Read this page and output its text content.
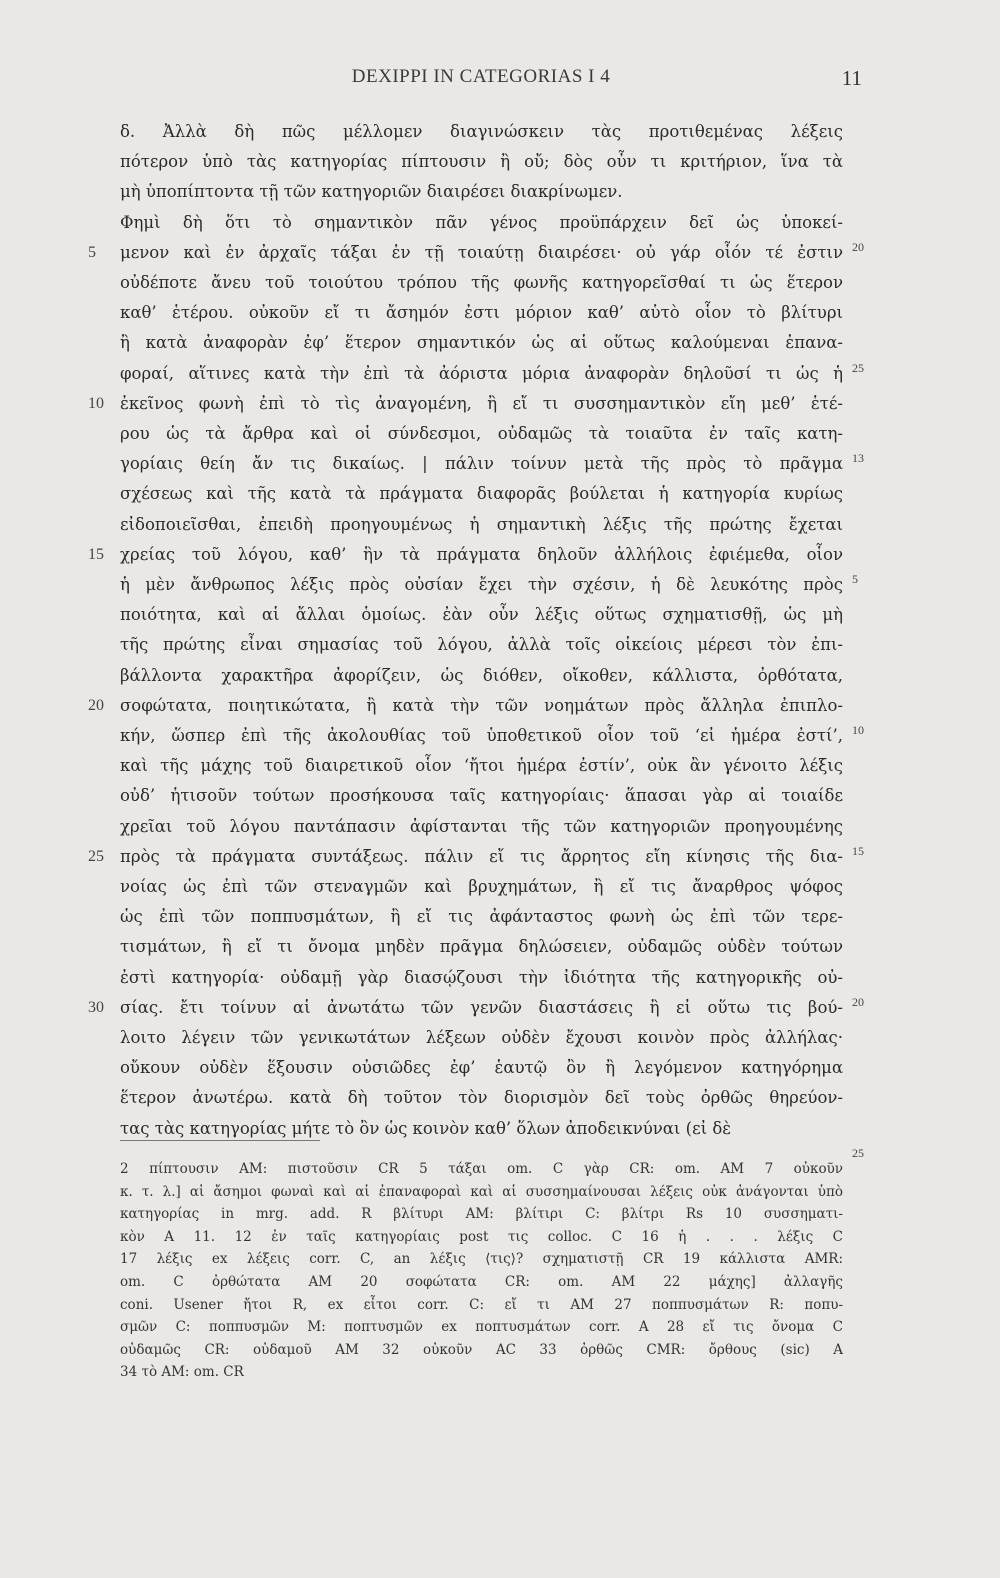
DEXIPPI IN CATEGORIAS I 4	11
δ. Ἀλλὰ δὴ πῶς μέλλομεν διαγινώσκειν τὰς προτιθεμένας λέξεις
πότερον ὑπὸ τὰς κατηγορίας πίπτουσιν ἢ οὔ; δὸς οὖν τι κριτήριον, ἵνα τὰ
μὴ ὑποπίπτοντα τῇ τῶν κατηγοριῶν διαιρέσει διακρίνωμεν.
Φημὶ δὴ ὅτι τὸ σημαντικὸν πᾶν γένος προϋπάρχειν δεῖ ὡς ὑποκεί-
μενον καὶ ἐν ἀρχαῖς τάξαι ἐν τῇ τοιαύτῃ διαιρέσει· οὐ γάρ οἷόν τέ ἐστιν
οὐδέποτε ἄνευ τοῦ τοιούτου τρόπου τῆς φωνῆς κατηγορεῖσθαί τι ὡς ἕτερον
καθ’ ἑτέρου. οὐκοῦν εἴ τι ἄσημόν ἐστι μόριον καθ’ αὑτὸ οἷον τὸ βλίτυρι
ἢ κατὰ ἀναφορὰν ἐφ’ ἕτερον σημαντικόν ὡς αἱ οὕτως καλούμεναι ἐπανα-
φοραί, αἵτινες κατὰ τὴν ἐπὶ τὰ ἀόριστα μόρια ἀναφορὰν δηλοῦσί τι ὡς ἡ
ἐκεῖνος φωνὴ ἐπὶ τὸ τὶς ἀναγομένη, ἢ εἴ τι συσσημαντικὸν εἴη μεθ’ ἑτέ-
ρου ὡς τὰ ἄρθρα καὶ οἱ σύνδεσμοι, οὐδαμῶς τὰ τοιαῦτα ἐν ταῖς κατη-
γορίαις θείη ἄν τις δικαίως. | πάλιν τοίνυν μετὰ τῆς πρὸς τὸ πρᾶγμα
σχέσεως καὶ τῆς κατὰ τὰ πράγματα διαφορᾶς βούλεται ἡ κατηγορία κυρίως
εἰδοποιεῖσθαι, ἐπειδὴ προηγουμένως ἡ σημαντικὴ λέξις τῆς πρώτης ἔχεται
χρείας τοῦ λόγου, καθ’ ἣν τὰ πράγματα δηλοῦν ἀλλήλοις ἐφιέμεθα, οἷον
ἡ μὲν ἄνθρωπος λέξις πρὸς οὐσίαν ἔχει τὴν σχέσιν, ἡ δὲ λευκότης πρὸς
ποιότητα, καὶ αἱ ἄλλαι ὁμοίως. ἐὰν οὖν λέξις οὕτως σχηματισθῇ, ὡς μὴ
τῆς πρώτης εἶναι σημασίας τοῦ λόγου, ἀλλὰ τοῖς οἰκείοις μέρεσι τὸν ἐπι-
βάλλοντα χαρακτῆρα ἀφορίζειν, ὡς διόθεν, οἴκοθεν, κάλλιστα, ὀρθότατα,
σοφώτατα, ποιητικώτατα, ἢ κατὰ τὴν τῶν νοημάτων πρὸς ἄλληλα ἐπιπλο-
κήν, ὥσπερ ἐπὶ τῆς ἀκολουθίας τοῦ ὑποθετικοῦ οἷον τοῦ ‘εἰ ἡμέρα ἐστί’,
καὶ τῆς μάχης τοῦ διαιρετικοῦ οἷον ‘ἤτοι ἡμέρα ἐστίν’, οὐκ ἂν γένοιτο λέξις
οὐδ’ ἡτισοῦν τούτων προσήκουσα ταῖς κατηγορίαις· ἅπασαι γὰρ αἱ τοιαίδε
χρεῖαι τοῦ λόγου παντάπασιν ἀφίστανται τῆς τῶν κατηγοριῶν προηγουμένης
πρὸς τὰ πράγματα συντάξεως. πάλιν εἴ τις ἄρρητος εἴη κίνησις τῆς δια-
νοίας ὡς ἐπὶ τῶν στεναγμῶν καὶ βρυχημάτων, ἢ εἴ τις ἄναρθρος ψόφος
ὡς ἐπὶ τῶν ποππυσμάτων, ἢ εἴ τις ἀφάνταστος φωνὴ ὡς ἐπὶ τῶν τερε-
τισμάτων, ἢ εἴ τι ὄνομα μηδὲν πρᾶγμα δηλώσειεν, οὐδαμῶς οὐδὲν τούτων
ἐστὶ κατηγορία· οὐδαμῇ γὰρ διασῴζουσι τὴν ἰδιότητα τῆς κατηγορικῆς οὐ-
σίας. ἔτι τοίνυν αἱ ἀνωτάτω τῶν γενῶν διαστάσεις ἢ εἰ οὕτω τις βού-
λοιτο λέγειν τῶν γενικωτάτων λέξεων οὐδὲν ἔχουσι κοινὸν πρὸς ἀλλήλας·
οὔκουν οὐδὲν ἕξουσιν οὐσιῶδες ἐφ’ ἑαυτῷ ὂν ἢ λεγόμενον κατηγόρημα
ἕτερον ἀνωτέρω. κατὰ δὴ τοῦτον τὸν διορισμὸν δεῖ τοὺς ὀρθῶς θηρεύον-
τας τὰς κατηγορίας μήτε τὸ ὂν ὡς κοινὸν καθ’ ὅλων ἀποδεικνύναι (εἰ δὲ
5
10
15
20
25
30
20
25
13
5
10
15
20
25
2 πίπτουσιν AM: πιστοῦσιν CR 5 τάξαι om. C γὰρ CR: om. AM 7 οὐκοῦν
κ. τ. λ.] αἱ ἄσημοι φωναὶ καὶ αἱ ἐπαναφοραὶ καὶ αἱ συσσημαίνουσαι λέξεις οὐκ ἀνάγονται ὑπὸ
κατηγορίας in mrg. add. R βλίτυρι AM: βλίτιρι C: βλίτρι Rs 10 συσσηματι-
κὸν A 11. 12 ἐν ταῖς κατηγορίαις post τις colloc. C 16 ἡ . . . λέξις C
17 λέξις ex λέξεις corr. C, an λέξις ⟨τις⟩? σχηματιστῇ CR 19 κάλλιστα AMR:
om. C ὀρθώτατα AM 20 σοφώτατα CR: om. AM 22 μάχης] ἀλλαγῆς
coni. Usener ἤτοι R, ex εἶτοι corr. C: εἴ τι AM 27 ποππυσμάτων R: ποπυ-
σμῶν C: ποππυσμῶν M: ποπτυσμῶν ex ποπτυσμάτων corr. A 28 εἴ τις ὄνομα C
οὐδαμῶς CR: οὐδαμοῦ AM 32 οὐκοῦν AC 33 ὀρθῶς CMR: ὄρθους (sic) A
34 τὸ AM: om. CR
